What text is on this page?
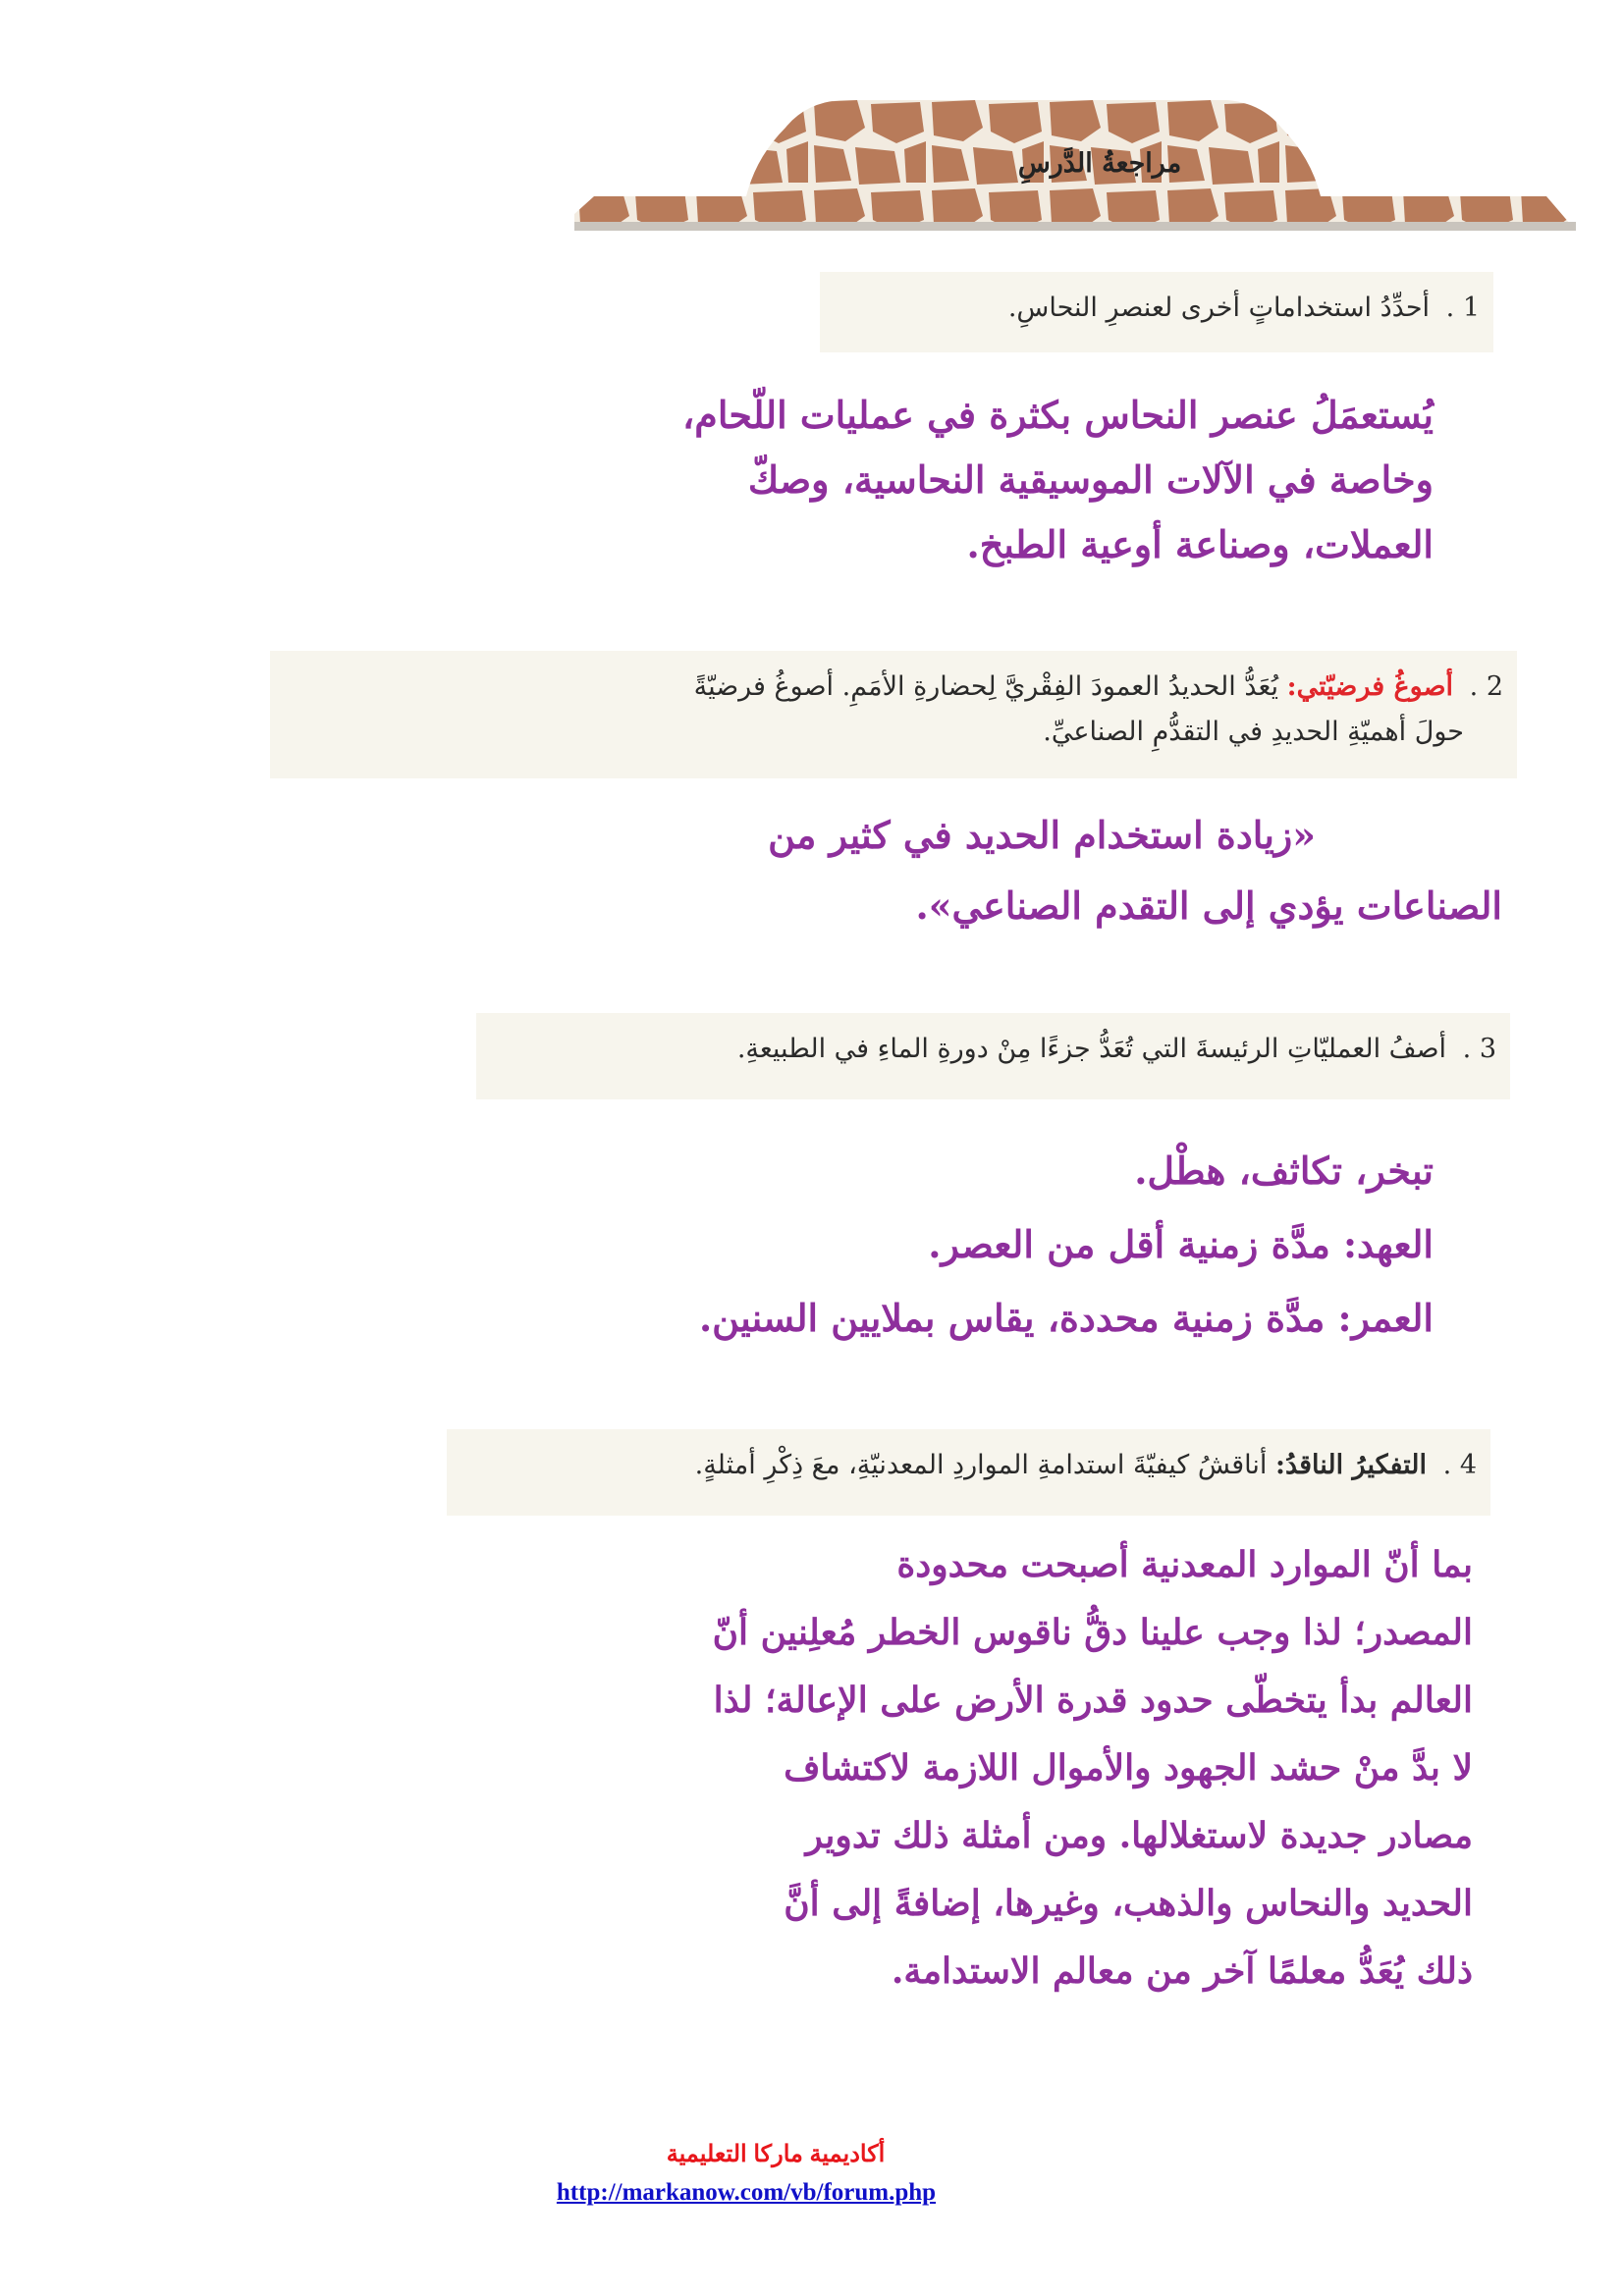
مراجعةُ الدَّرسِ
1 . أحدِّدُ استخداماتٍ أخرى لعنصرِ النحاسِ.
يُستعمَلُ عنصر النحاس بكثرة في عمليات اللّحام،
وخاصة في الآلات الموسيقية النحاسية، وصكّ
العملات، وصناعة أوعية الطبخ.
2 . أصوغُ فرضيّتي: يُعَدُّ الحديدُ العمودَ الفِقْريَّ لِحضارةِ الأمَمِ. أصوغُ فرضيّةً
حولَ أهميّةِ الحديدِ في التقدُّمِ الصناعيِّ.
«زيادة استخدام الحديد في كثير من
الصناعات يؤدي إلى التقدم الصناعي».
3 . أصفُ العمليّاتِ الرئيسةَ التي تُعَدُّ جزءًا مِنْ دورةِ الماءِ في الطبيعةِ.
تبخر، تكاثف، هطْل.
العهد: مدَّة زمنية أقل من العصر.
العمر: مدَّة زمنية محددة، يقاس بملايين السنين.
4 . التفكيرُ الناقدُ: أناقشُ كيفيّةَ استدامةِ المواردِ المعدنيّةِ، معَ ذِكْرِ أمثلةٍ.
بما أنّ الموارد المعدنية أصبحت محدودة
المصدر؛ لذا وجب علينا دقُّ ناقوس الخطر مُعلِنين أنّ
العالم بدأ يتخطّى حدود قدرة الأرض على الإعالة؛ لذا
لا بدَّ منْ حشد الجهود والأموال اللازمة لاكتشاف
مصادر جديدة لاستغلالها. ومن أمثلة ذلك تدوير
الحديد والنحاس والذهب، وغيرها، إضافةً إلى أنَّ
ذلك يُعَدُّ معلمًا آخر من معالم الاستدامة.
أكاديمية ماركا التعليمية
http://markanow.com/vb/forum.php
